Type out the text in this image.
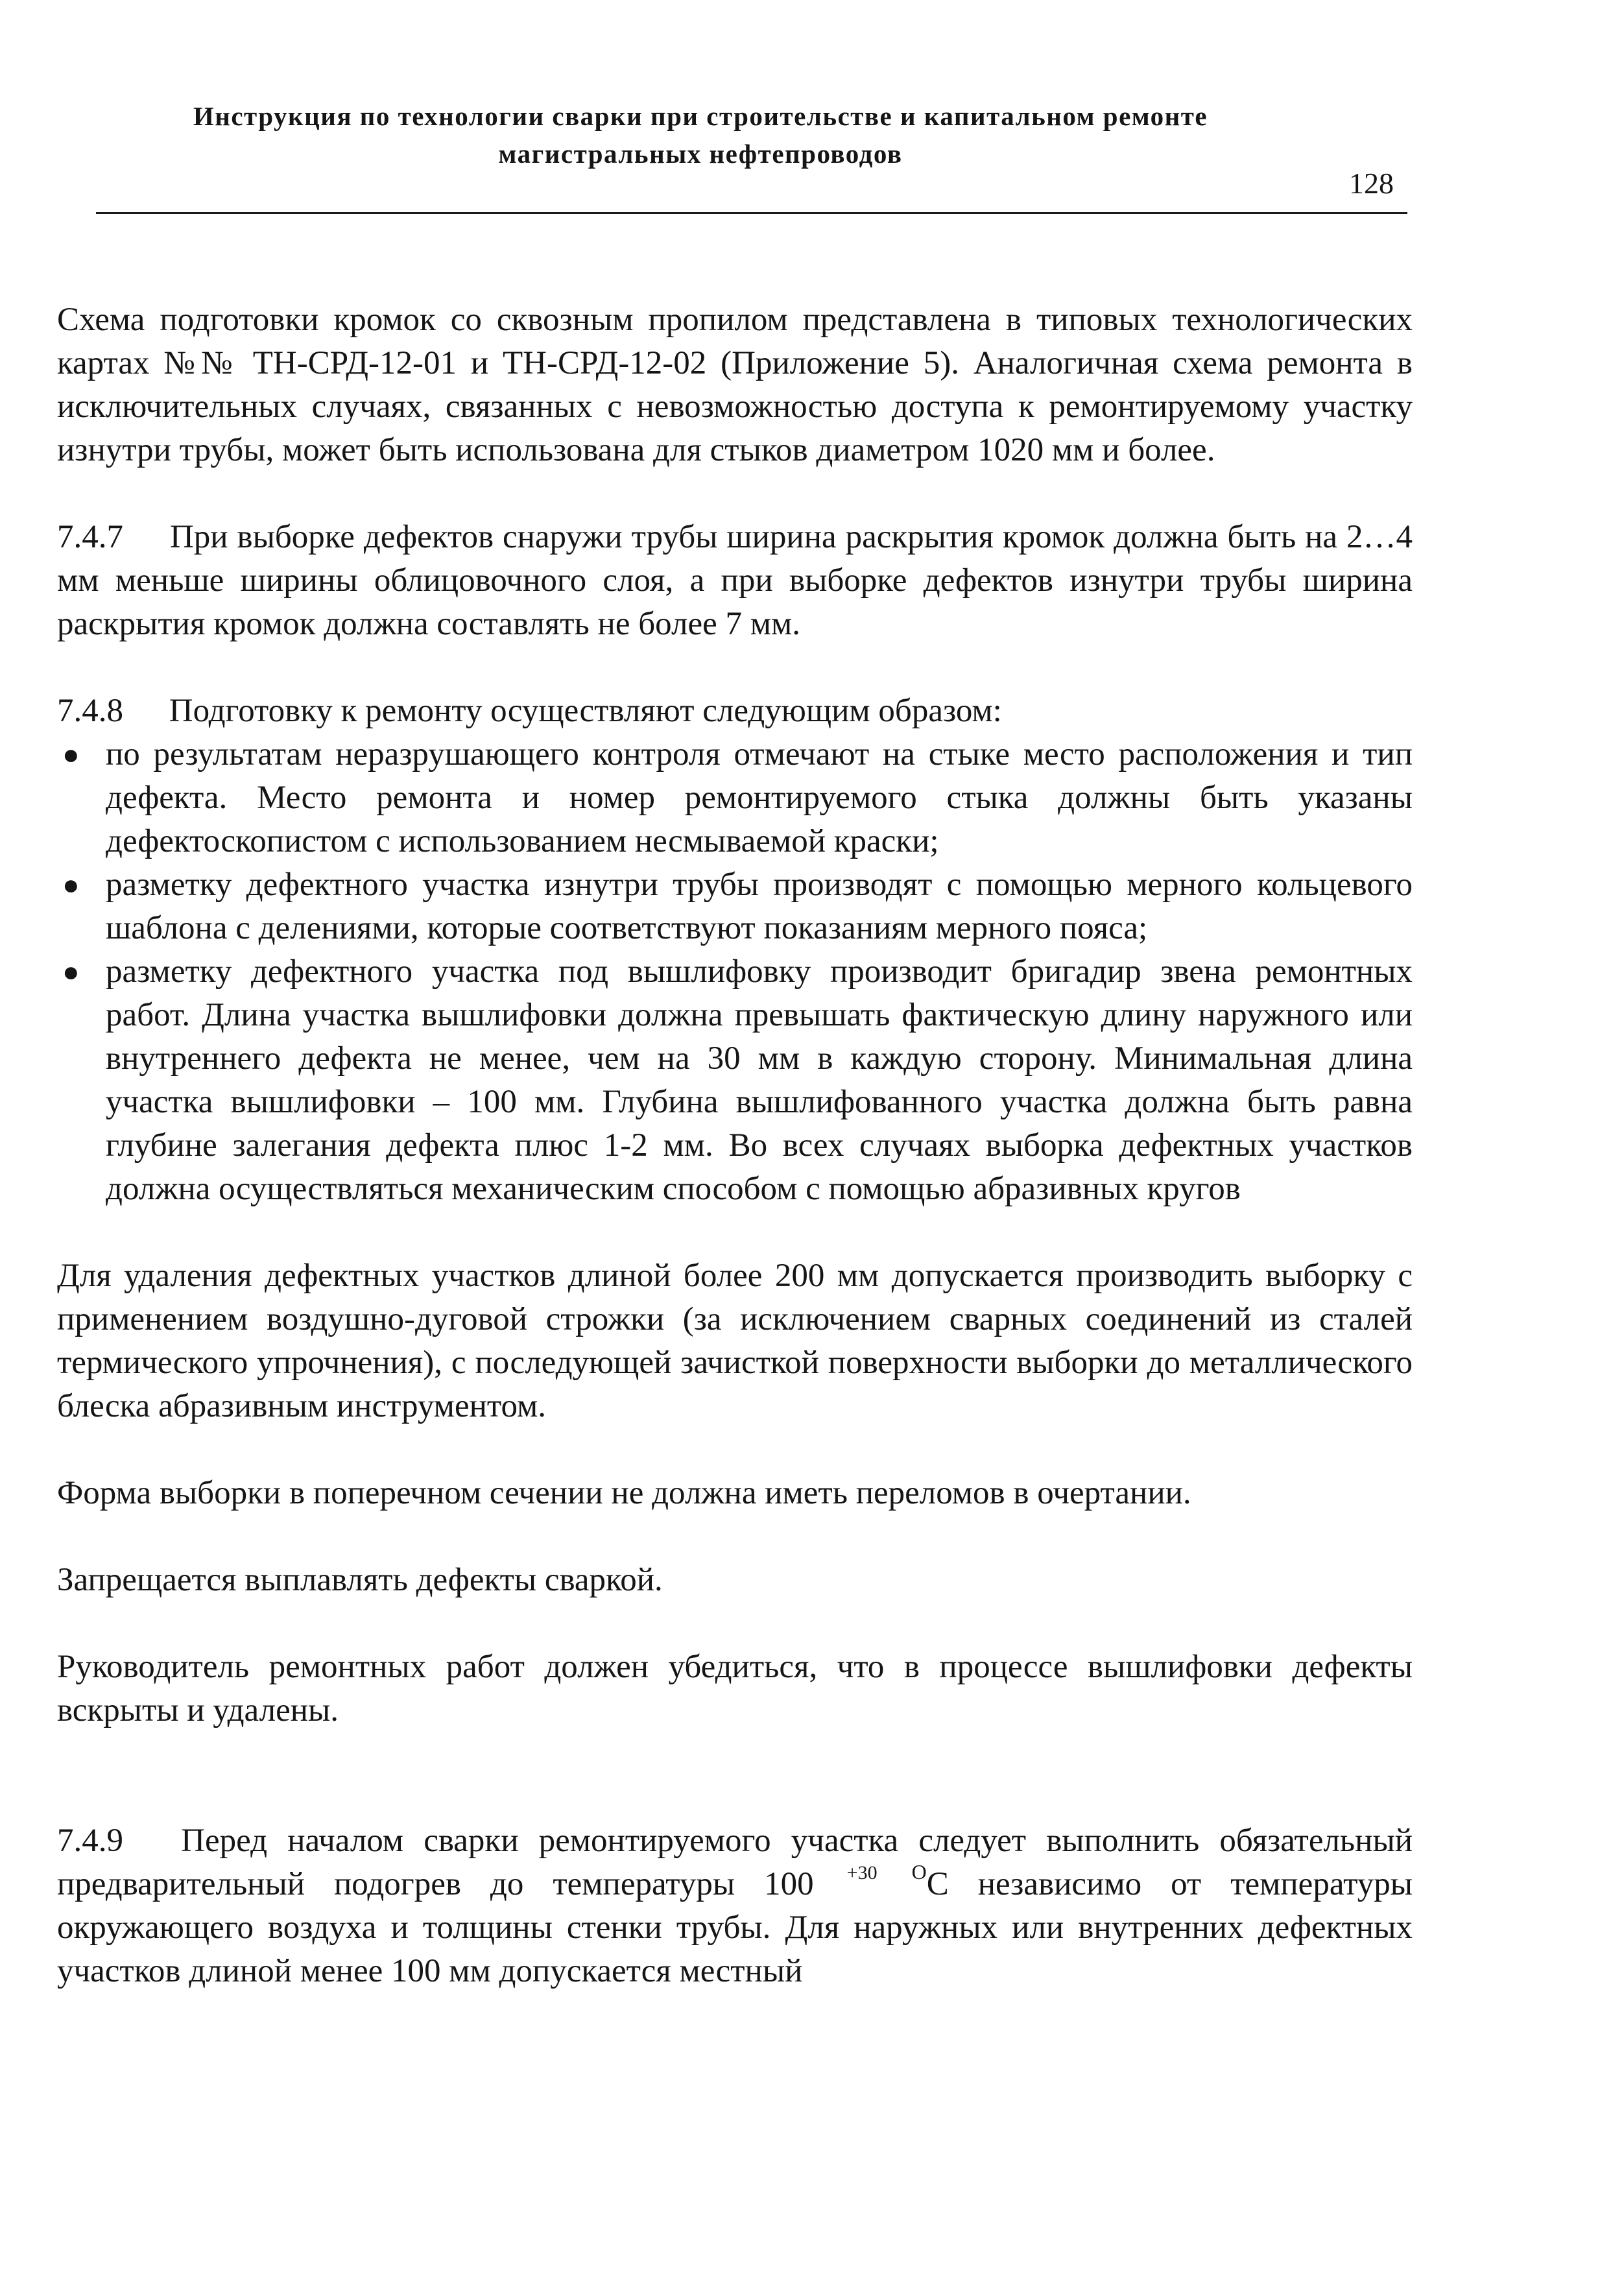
Инструкция по технологии сварки при строительстве и капитальном ремонте
магистральных нефтепроводов
128

Схема подготовки кромок со сквозным пропилом представлена в типовых технологических картах №№ ТН-СРД-12-01 и ТН-СРД-12-02 (Приложение 5). Аналогичная схема ремонта в исключительных случаях, связанных с невозможностью доступа к ремонтируемому участку изнутри трубы, может быть использована для стыков диаметром 1020 мм и более.

7.4.7 При выборке дефектов снаружи трубы ширина раскрытия кромок должна быть на 2…4 мм меньше ширины облицовочного слоя, а при выборке дефектов изнутри трубы ширина раскрытия кромок должна составлять не более 7 мм.

7.4.8 Подготовку к ремонту осуществляют следующим образом:

● по результатам неразрушающего контроля отмечают на стыке место расположения и тип дефекта. Место ремонта и номер ремонтируемого стыка должны быть указаны дефектоскопистом с использованием несмываемой краски;
● разметку дефектного участка изнутри трубы производят с помощью мерного кольцевого шаблона с делениями, которые соответствуют показаниям мерного пояса;
● разметку дефектного участка под вышлифовку производит бригадир звена ремонтных работ. Длина участка вышлифовки должна превышать фактическую длину наружного или внутреннего дефекта не менее, чем на 30 мм в каждую сторону. Минимальная длина участка вышлифовки – 100 мм. Глубина вышлифованного участка должна быть равна глубине залегания дефекта плюс 1-2 мм. Во всех случаях выборка дефектных участков должна осуществляться механическим способом с помощью абразивных кругов

Для удаления дефектных участков длиной более 200 мм допускается производить выборку с применением воздушно-дуговой строжки (за исключением сварных соединений из сталей термического упрочнения), с последующей зачисткой поверхности выборки до металлического блеска абразивным инструментом.

Форма выборки в поперечном сечении не должна иметь переломов в очертании.

Запрещается выплавлять дефекты сваркой.

Руководитель ремонтных работ должен убедиться, что в процессе вышлифовки дефекты вскрыты и удалены.

7.4.9 Перед началом сварки ремонтируемого участка следует выполнить обязательный предварительный подогрев до температуры 100 $^{+30}$ $^О$С независимо от температуры окружающего воздуха и толщины стенки трубы. Для наружных или внутренних дефектных участков длиной менее 100 мм допускается местный
